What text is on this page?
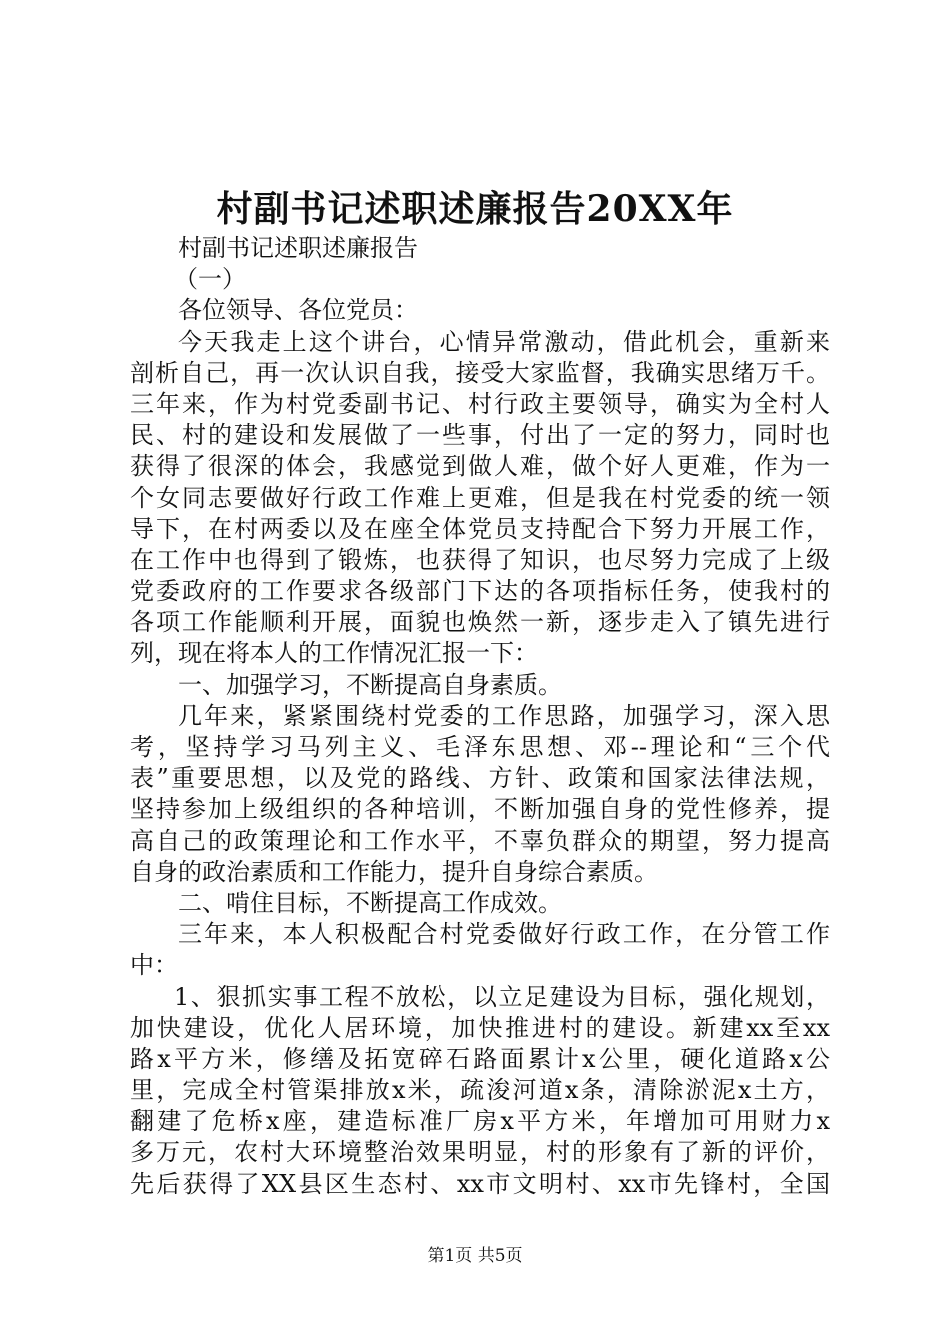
村副书记述职述廉报告20XX年
村副书记述职述廉报告
（一）
各位领导、各位党员：
今天我走上这个讲台，心情异常激动，借此机会，重新来
剖析自己，再一次认识自我，接受大家监督，我确实思绪万千。
三年来，作为村党委副书记、村行政主要领导，确实为全村人
民、村的建设和发展做了一些事，付出了一定的努力，同时也
获得了很深的体会，我感觉到做人难，做个好人更难，作为一
个女同志要做好行政工作难上更难，但是我在村党委的统一领
导下，在村两委以及在座全体党员支持配合下努力开展工作，
在工作中也得到了锻炼，也获得了知识，也尽努力完成了上级
党委政府的工作要求各级部门下达的各项指标任务，使我村的
各项工作能顺利开展，面貌也焕然一新，逐步走入了镇先进行
列，现在将本人的工作情况汇报一下：
一、加强学习，不断提高自身素质。
几年来，紧紧围绕村党委的工作思路，加强学习，深入思
考，坚持学习马列主义、毛泽东思想、邓--理论和“三个代
表”重要思想，以及党的路线、方针、政策和国家法律法规，
坚持参加上级组织的各种培训，不断加强自身的党性修养，提
高自己的政策理论和工作水平，不辜负群众的期望，努力提高
自身的政治素质和工作能力，提升自身综合素质。
二、啃住目标，不断提高工作成效。
三年来，本人积极配合村党委做好行政工作，在分管工作
中：
1、狠抓实事工程不放松，以立足建设为目标，强化规划，
加快建设，优化人居环境，加快推进村的建设。新建xx至xx
路x平方米，修缮及拓宽碎石路面累计x公里，硬化道路x公
里，完成全村管渠排放x米，疏浚河道x条，清除淤泥x土方，
翻建了危桥x座，建造标准厂房x平方米，年增加可用财力x
多万元，农村大环境整治效果明显，村的形象有了新的评价，
先后获得了XX县区生态村、xx市文明村、xx市先锋村，全国
第1页 共5页
